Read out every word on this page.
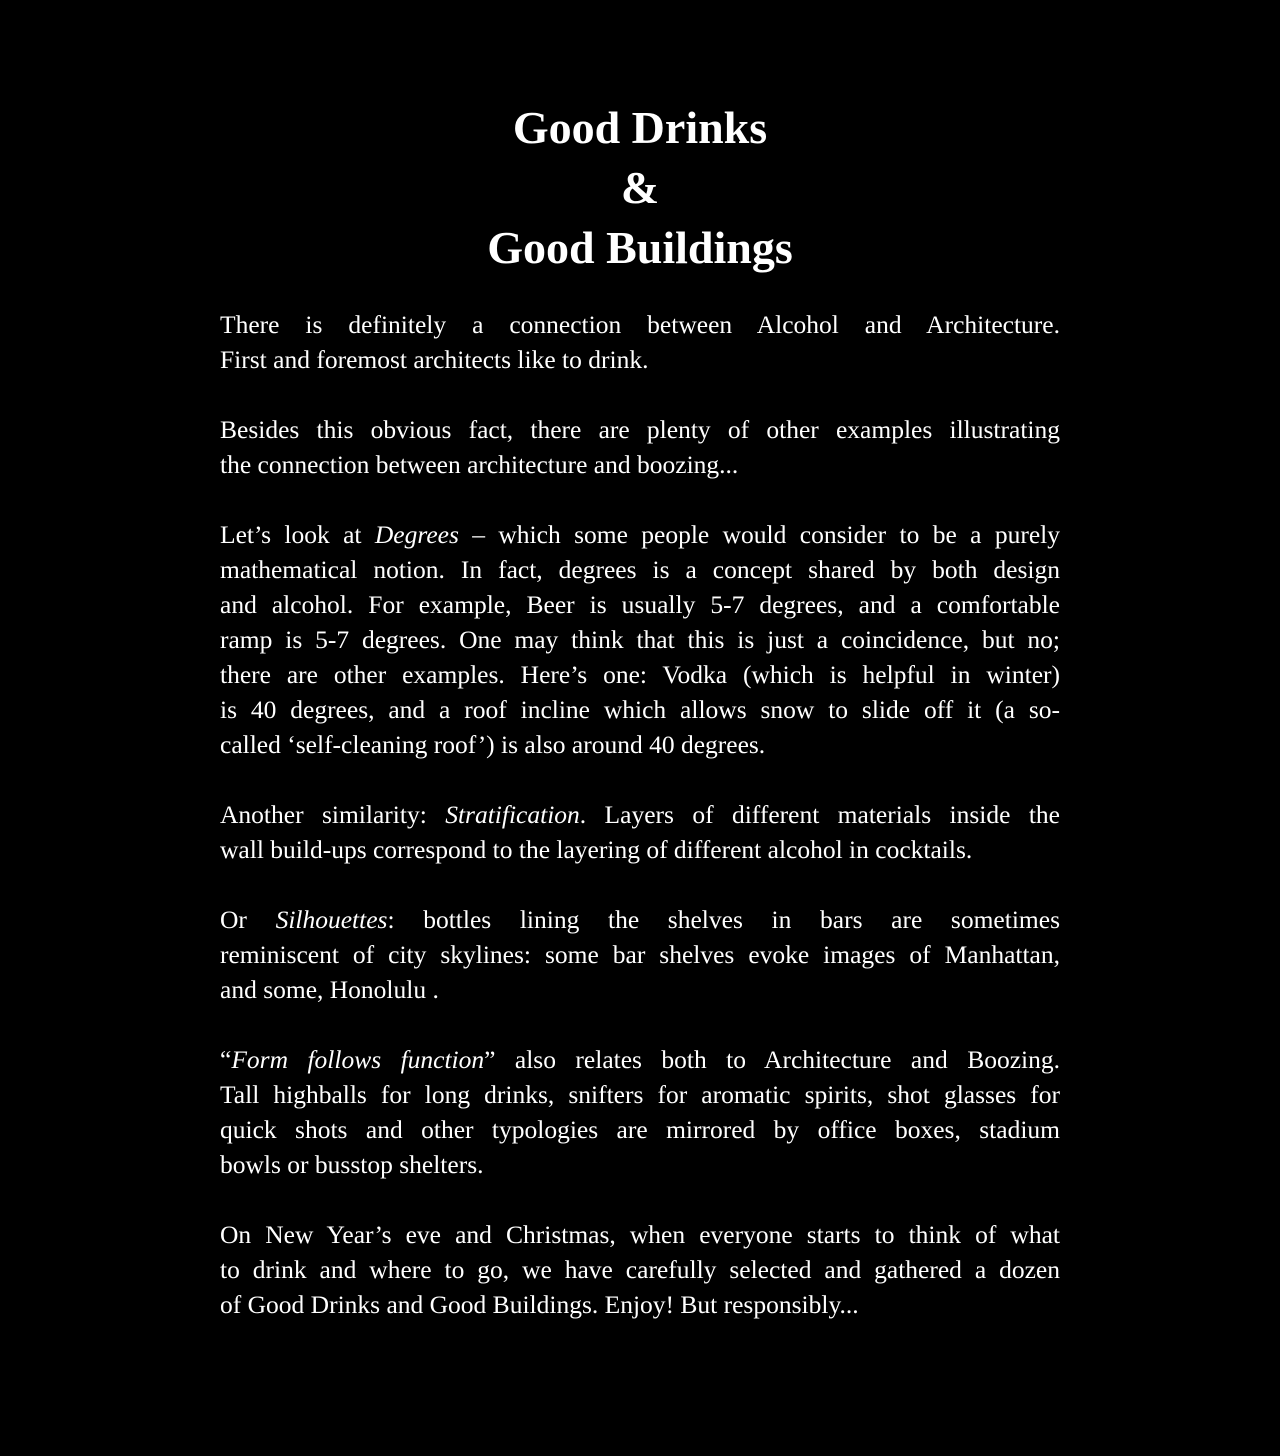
Good Drinks
&
Good Buildings

There is definitely a connection between Alcohol and Architecture.
First and foremost architects like to drink.

Besides this obvious fact, there are plenty of other examples illustrating
the connection between architecture and boozing...

Let’s look at Degrees – which some people would consider to be a purely
mathematical notion. In fact, degrees is a concept shared by both design
and alcohol. For example, Beer is usually 5-7 degrees, and a comfortable
ramp is 5-7 degrees. One may think that this is just a coincidence, but no;
there are other examples. Here’s one: Vodka (which is helpful in winter)
is 40 degrees, and a roof incline which allows snow to slide off it (a so-
called ‘self-cleaning roof’) is also around 40 degrees.

Another similarity: Stratification. Layers of different materials inside the
wall build-ups correspond to the layering of different alcohol in cocktails.

Or Silhouettes: bottles lining the shelves in bars are sometimes
reminiscent of city skylines: some bar shelves evoke images of Manhattan,
and some, Honolulu .

“Form follows function” also relates both to Architecture and Boozing.
Tall highballs for long drinks, snifters for aromatic spirits, shot glasses for
quick shots and other typologies are mirrored by office boxes, stadium
bowls or busstop shelters.

On New Year’s eve and Christmas, when everyone starts to think of what
to drink and where to go, we have carefully selected and gathered a dozen
of Good Drinks and Good Buildings. Enjoy! But responsibly...
